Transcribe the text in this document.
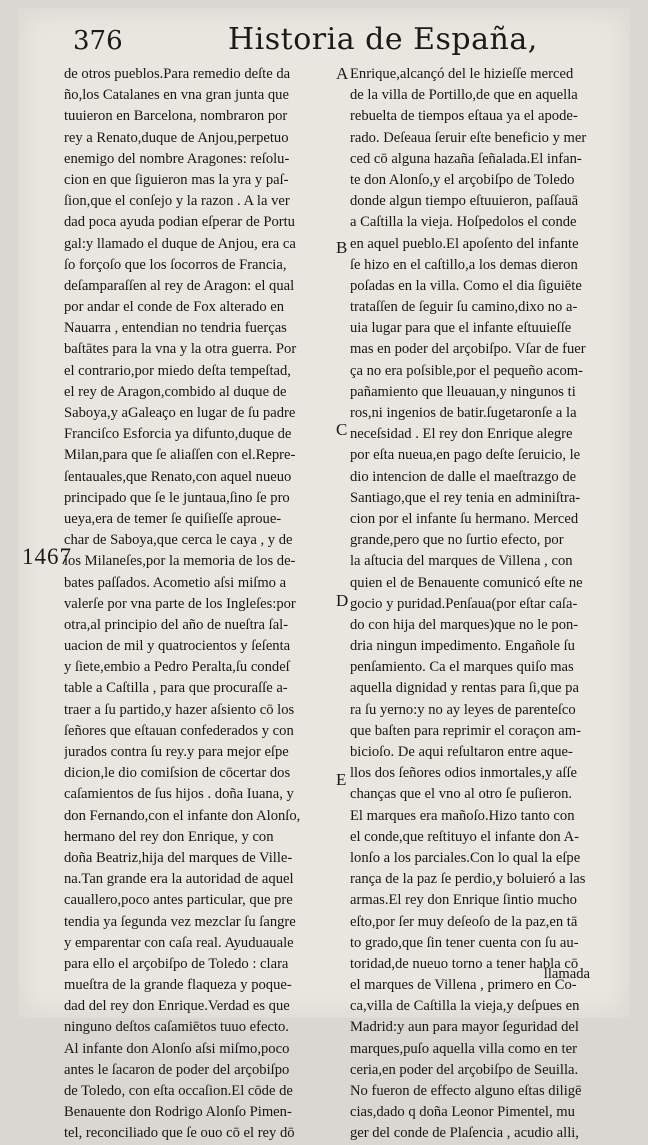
376	Historia de España,
de otros pueblos.Para remedio deſte da
ño,los Catalanes en vna gran junta que
tuuieron en Barcelona, nombraron por
rey a Renato,duque de Anjou,perpetuo
enemigo del nombre Aragones: reſolu-
cion en que ſiguieron mas la yra y paſ-
ſion,que el conſejo y la razon . A la ver
dad poca ayuda podian eſperar de Portu
gal:y llamado el duque de Anjou, era ca
ſo forçoſo que los ſocorros de Francia,
deſamparaſſen al rey de Aragon: el qual
por andar el conde de Fox alterado en
Nauarra , entendian no tendria fuerças
baſtātes para la vna y la otra guerra. Por
el contrario,por miedo deſta tempeſtad,
el rey de Aragon,combido al duque de
Saboya,y aGaleaço en lugar de ſu padre
Franciſco Esforcia ya difunto,duque de
Milan,para que ſe aliaſſen con el.Repre-
ſentauales,que Renato,con aquel nueuo
principado que ſe le juntaua,ſino ſe pro
ueya,era de temer ſe quiſieſſe aproue-
char de Saboya,que cerca le caya , y de
los Milaneſes,por la memoria de los de-
bates paſſados. Acometio aſsi miſmo a
valerſe por vna parte de los Ingleſes:por
otra,al principio del año de nueſtra ſal-
uacion de mil y quatrocientos y ſeſenta
y ſiete,embio a Pedro Peralta,ſu condeſ
table a Caſtilla , para que procuraſſe a-
traer a ſu partido,y hazer aſsiento cō los
ſeñores que eſtauan confederados y con
jurados contra ſu rey.y para mejor eſpe
dicion,le dio comiſsion de cōcertar dos
caſamientos de ſus hijos . doña Iuana, y
don Fernando,con el infante don Alonſo,
hermano del rey don Enrique, y con
doña Beatriz,hija del marques de Ville-
na.Tan grande era la autoridad de aquel
cauallero,poco antes particular, que pre
tendia ya ſegunda vez mezclar ſu ſangre
y emparentar con caſa real. Ayuduauale
para ello el arçobiſpo de Toledo : clara
mueſtra de la grande flaqueza y poque-
dad del rey don Enrique.Verdad es que
ninguno deſtos caſamiētos tuuo efecto.
Al infante don Alonſo aſsi miſmo,poco
antes le ſacaron de poder del arçobiſpo
de Toledo, con eſta occaſion.El cōde de
Benauente don Rodrigo Alonſo Pimen-
tel, reconciliado que ſe ouo cō el rey dō
Enrique,alcançó del le hizieſſe merced
de la villa de Portillo,de que en aquella
rebuelta de tiempos eſtaua ya el apode-
rado. Deſeaua ſeruir eſte beneficio y mer
ced cō alguna hazaña ſeñalada.El infan-
te don Alonſo,y el arçobiſpo de Toledo
donde algun tiempo eſtuuieron, paſſauā
a Caſtilla la vieja. Hoſpedolos el conde
en aquel pueblo.El apoſento del infante
ſe hizo en el caſtillo,a los demas dieron
poſadas en la villa. Como el dia ſiguiēte
trataſſen de ſeguir ſu camino,dixo no a-
uia lugar para que el infante eſtuuieſſe
mas en poder del arçobiſpo. Vſar de fuer
ça no era poſsible,por el pequeño acom-
pañamiento que lleuauan,y ningunos ti
ros,ni ingenios de batir.ſugetaronſe a la
neceſsidad . El rey don Enrique alegre
por eſta nueua,en pago deſte ſeruicio, le
dio intencion de dalle el maeſtrazgo de
Santiago,que el rey tenia en adminiſtra-
cion por el infante ſu hermano. Merced
grande,pero que no ſurtio efecto, por
la aſtucia del marques de Villena , con
quien el de Benauente comunicó eſte ne
gocio y puridad.Penſaua(por eſtar caſa-
do con hija del marques)que no le pon-
dria ningun impedimento. Engañole ſu
penſamiento. Ca el marques quiſo mas
aquella dignidad y rentas para ſi,que pa
ra ſu yerno:y no ay leyes de parenteſco
que baſten para reprimir el coraçon am-
bicioſo. De aqui reſultaron entre aque-
llos dos ſeñores odios inmortales,y aſſe
chanças que el vno al otro ſe puſieron.
El marques era mañoſo.Hizo tanto con
el conde,que reſtituyo el infante don A-
lonſo a los parciales.Con lo qual la eſpe
rança de la paz ſe perdio,y boluieró a las
armas.El rey don Enrique ſintio mucho
eſto,por ſer muy deſeoſo de la paz,en tā
to grado,que ſin tener cuenta con ſu au-
toridad,de nueuo torno a tener habla cō
el marques de Villena , primero en Co-
ca,villa de Caſtilla la vieja,y deſpues en
Madrid:y aun para mayor ſeguridad del
marques,puſo aquella villa como en ter
ceria,en poder del arçobiſpo de Seuilla.
No fueron de effecto alguno eſtas diligē
cias,dado q doña Leonor Pimentel, mu
ger del conde de Plaſencia , acudio alli,
A
B
C
D
E
1467
llamada
